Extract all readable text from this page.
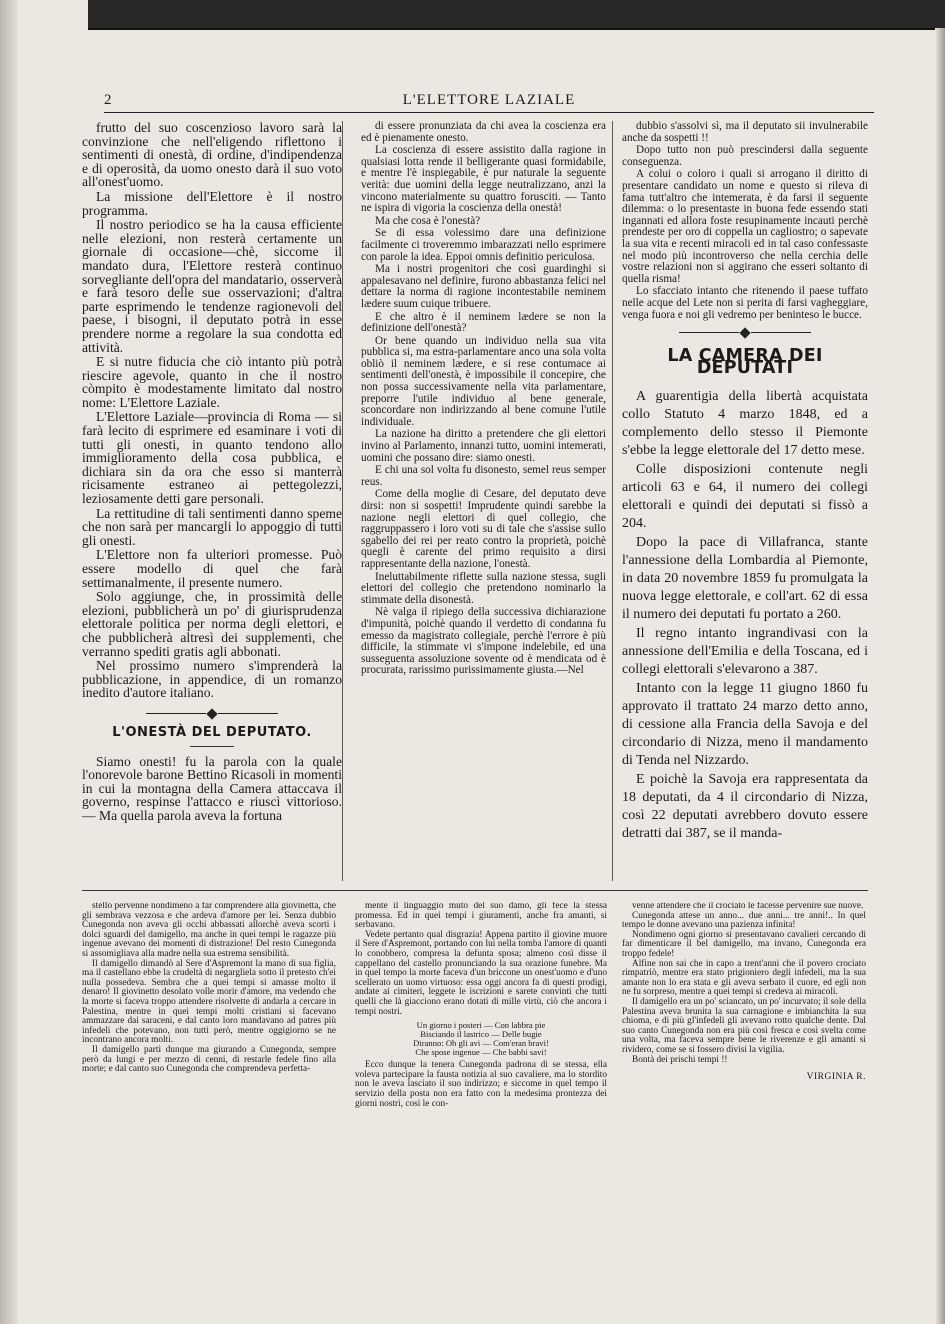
2	L'ELETTORE LAZIALE

frutto del suo coscenzioso lavoro sarà la convinzione che nell'eligendo riflettono i sentimenti di onestà, di ordine, d'indipendenza e di operosità, da uomo onesto darà il suo voto all'onest'uomo.

La missione dell'Elettore è il nostro programma.

Il nostro periodico se ha la causa efficiente nelle elezioni, non resterà certamente un giornale di occasione—chè, siccome il mandato dura, l'Elettore resterà continuo sorvegliante dell'opra del mandatario, osserverà e farà tesoro delle sue osservazioni; d'altra parte esprimendo le tendenze ragionevoli del paese, i bisogni, il deputato potrà in esse prendere norme a regolare la sua condotta ed attività.

E si nutre fiducia che ciò intanto più potrà riescire agevole, quanto in che il nostro còmpito è modestamente limitato dal nostro nome: L'Elettore Laziale.

L'Elettore Laziale—provincia di Roma — si farà lecito di esprimere ed esaminare i voti di tutti gli onesti, in quanto tendono allo immiglioramento della cosa pubblica, e dichiara sin da ora che esso si manterrà ricisamente estraneo ai pettegolezzi, leziosamente detti gare personali.

La rettitudine di tali sentimenti danno speme che non sarà per mancargli lo appoggio di tutti gli onesti.

L'Elettore non fa ulteriori promesse. Può essere modello di quel che farà settimanalmente, il presente numero.

Solo aggiunge, che, in prossimità delle elezioni, pubblicherà un po' di giurisprudenza elettorale politica per norma degli elettori, e che pubblicherà altresì dei supplementi, che verranno spediti gratis agli abbonati.

Nel prossimo numero s'imprenderà la pubblicazione, in appendice, di un romanzo inedito d'autore italiano.

L'ONESTÀ DEL DEPUTATO.

Siamo onesti! fu la parola con la quale l'onorevole barone Bettino Ricasoli in momenti in cui la montagna della Camera attaccava il governo, respinse l'attacco e riuscì vittorioso. — Ma quella parola aveva la fortuna

di essere pronunziata da chi avea la coscienza era ed è pienamente onesto.

La coscienza di essere assistito dalla ragione in qualsiasi lotta rende il belligerante quasi formidabile, e mentre l'è inspiegabile, è pur naturale la seguente verità: due uomini della legge neutralizzano, anzi la vincono materialmente su quattro forusciti. — Tanto ne ispira di vigoria la coscienza della onestà!

Ma che cosa è l'onestà?

Se di essa volessimo dare una definizione facilmente ci troveremmo imbarazzati nello esprimere con parole la idea. Eppoi omnis definitio periculosa.

Ma i nostri progenitori che così guardinghi si appalesavano nel definire, furono abbastanza felici nel dettare la norma di ragione incontestabile neminem lædere suum cuique tribuere.

E che altro è il neminem lædere se non la definizione dell'onestà?

Or bene quando un individuo nella sua vita pubblica si, ma estra-parlamentare anco una sola volta obliò il neminem lædere, e si rese contumace ai sentimenti dell'onestà, è impossibile il concepire, che non possa successivamente nella vita parlamentare, preporre l'utile individuo al bene generale, sconcordare non indirizzando al bene comune l'utile individuale.

La nazione ha diritto a pretendere che gli elettori invino al Parlamento, innanzi tutto, uomini intemerati, uomini che possano dire: siamo onesti.

E chi una sol volta fu disonesto, semel reus semper reus.

Come della moglie di Cesare, del deputato deve dirsi: non si sospetti! Imprudente quindi sarebbe la nazione negli elettori di quel collegio, che raggruppassero i loro voti su di tale che s'assise sullo sgabello dei rei per reato contro la proprietà, poichè quegli è carente del primo requisito a dirsi rappresentante della nazione, l'onestà.

Ineluttabilmente riflette sulla nazione stessa, sugli elettori del collegio che pretendono nominarlo la stimmate della disonestà.

Nè valga il ripiego della successiva dichiarazione d'impunità, poichè quando il verdetto di condanna fu emesso da magistrato collegiale, perchè l'errore è più difficile, la stimmate vi s'impone indelebile, ed una susseguenta assoluzione sovente od è mendicata od è procurata, rarissimo purissimamente giusta.—Nel

dubbio s'assolvi sì, ma il deputato sii invulnerabile anche da sospetti !!

Dopo tutto non può prescindersi dalla seguente conseguenza.

A colui o coloro i quali si arrogano il diritto di presentare candidato un nome e questo si rileva di fama tutt'altro che intemerata, è da farsi il seguente dilemma: o lo presentaste in buona fede essendo stati ingannati ed allora foste resupinamente incauti perchè prendeste per oro di coppella un cagliostro; o sapevate la sua vita e recenti miracoli ed in tal caso confessaste nel modo più incontroverso che nella cerchia delle vostre relazioni non si aggirano che esseri soltanto di quella risma!

Lo sfacciato intanto che ritenendo il paese tuffato nelle acque del Lete non si perita di farsi vagheggiare, venga fuora e noi gli vedremo per beninteso le bucce.

LA CAMERA DEI DEPUTATI

A guarentigia della libertà acquistata collo Statuto 4 marzo 1848, ed a complemento dello stesso il Piemonte s'ebbe la legge elettorale del 17 detto mese.

Colle disposizioni contenute negli articoli 63 e 64, il numero dei collegi elettorali e quindi dei deputati si fissò a 204.

Dopo la pace di Villafranca, stante l'annessione della Lombardia al Piemonte, in data 20 novembre 1859 fu promulgata la nuova legge elettorale, e coll'art. 62 di essa il numero dei deputati fu portato a 260.

Il regno intanto ingrandivasi con la annessione dell'Emilia e della Toscana, ed i collegi elettorali s'elevarono a 387.

Intanto con la legge 11 giugno 1860 fu approvato il trattato 24 marzo detto anno, di cessione alla Francia della Savoja e del circondario di Nizza, meno il mandamento di Tenda nel Nizzardo.

E poichè la Savoja era rappresentata da 18 deputati, da 4 il circondario di Nizza, così 22 deputati avrebbero dovuto essere detratti dai 387, se il manda-

stello pervenne nondimeno a far comprendere alla giovinetta, che gli sembrava vezzosa e che ardeva d'amore per lei. Senza dubbio Cunegonda non aveva gli occhi abbassati allorchè aveva scorti i dolci sguardi del damigello, ma anche in quei tempi le ragazze più ingenue avevano dei momenti di distrazione! Del resto Cunegonda si assomigliava alla madre nella sua estrema sensibilità.

Il damigello dimandò al Sere d'Aspremont la mano di sua figlia, ma il castellano ebbe la crudeltà di negargliela sotto il pretesto ch'ei nulla possedeva. Sembra che a quei tempi si amasse molto il denaro! Il giovinetto desolato volle morir d'amore, ma vedendo che la morte si faceva troppo attendere risolvette di andarla a cercare in Palestina, mentre in quei tempi molti cristiani si facevano ammazzare dai saraceni, e dal canto loro mandavano ad patres più infedeli che potevano, non tutti però, mentre oggigiorno se ne incontrano ancora molti.

Il damigello partì dunque ma giurando a Cunegonda, sempre però da lungi e per mezzo di cenni, di restarle fedele fino alla morte; e dal canto suo Cunegonda che comprendeva perfetta-

mente il linguaggio muto del suo damo, gli fece la stessa promessa. Ed in quei tempi i giuramenti, anche fra amanti, si serbavano.

Vedete pertanto qual disgrazia! Appena partito il giovine muore il Sere d'Aspremont, portando con lui nella tomba l'amore di quanti lo conobbero, compresa la defunta sposa; almeno così disse il cappellano del castello pronunciando la sua orazione funebre. Ma in quel tempo la morte faceva d'un briccone un onest'uomo e d'uno scellerato un uomo virtuoso: essa oggi ancora fa di questi prodigi, andate ai cimiteri, leggete le iscrizioni e sarete convinti che tutti quelli che là giacciono erano dotati di mille virtù, ciò che ancora i tempi nostri.

Un giorno i posteri — Con labbra pie
Bisciando il lastrico — Delle bugie
Diranno: Oh gli avi — Com'eran bravi!
Che spose ingenue — Che babbi savi!

Ecco dunque la tenera Cunegonda padrona di se stessa, ella voleva partecipare la fausta notizia al suo cavaliere, ma lo stordito non le aveva lasciato il suo indirizzo; e siccome in quel tempo il servizio della posta non era fatto con la medesima prontezza dei giorni nostri, così le con-

venne attendere che il crociato le facesse pervenire sue nuove.

Cunegonda attese un anno... due anni... tre anni!.. In quel tempo le donne avevano una pazienza infinita!

Nondimeno ogni giorno si presentavano cavalieri cercando di far dimenticare il bel damigello, ma invano, Cunegonda era troppo fedele!

Alfine non sai che in capo a trent'anni che il povero crociato rimpatriò, mentre era stato prigioniero degli infedeli, ma la sua amante non lo era stata e gli aveva serbato il cuore, ed egli non ne fu sorpreso, mentre a quei tempi si credeva ai miracoli.

Il damigello era un po' sciancato, un po' incurvato; il sole della Palestina aveva brunita la sua carnagione e imbianchita la sua chioma, e di più gl'infedeli gli avevano rotto qualche dente. Dal suo canto Cunegonda non era più così fresca e così svelta come una volta, ma faceva sempre bene le riverenze e gli amanti si rividero, come se si fossero divisi la vigilia.

Bontà dei prischi tempi !!

VIRGINIA R.
